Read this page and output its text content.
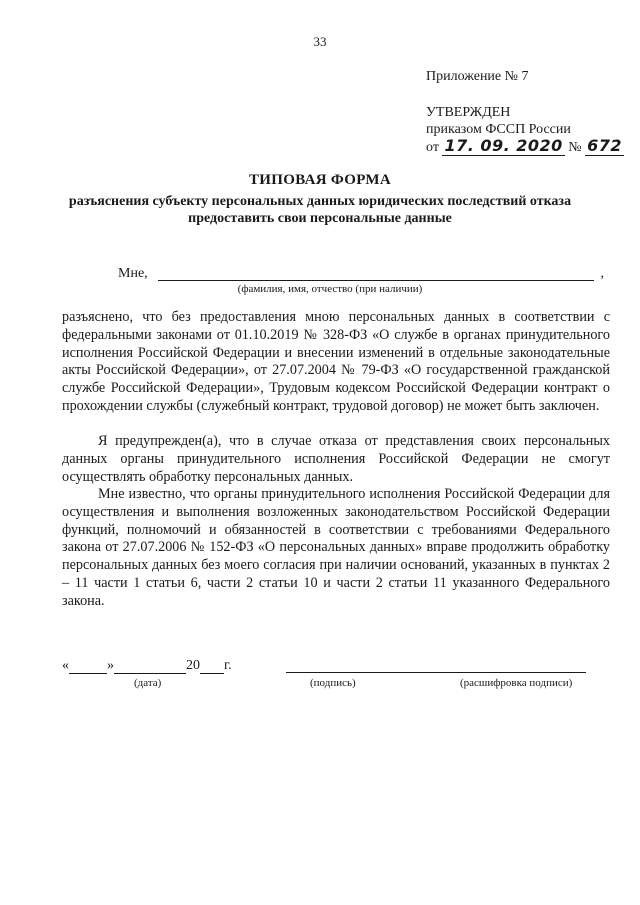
33
Приложение № 7
УТВЕРЖДЕН
приказом ФССП России
от 17. 09. 2020 № 672
ТИПОВАЯ ФОРМА
разъяснения субъекту персональных данных юридических последствий отказа предоставить свои персональные данные
Мне,	,
(фамилия, имя, отчество (при наличии)

разъяснено, что без предоставления мною персональных данных в соответствии с федеральными законами от 01.10.2019 № 328-ФЗ «О службе в органах принудительного исполнения Российской Федерации и внесении изменений в отдельные законодательные акты Российской Федерации», от 27.07.2004 № 79-ФЗ «О государственной гражданской службе Российской Федерации», Трудовым кодексом Российской Федерации контракт о прохождении службы (служебный контракт, трудовой договор) не может быть заключен.

Я предупрежден(а), что в случае отказа от представления своих персональных данных органы принудительного исполнения Российской Федерации не смогут осуществлять обработку персональных данных.

Мне известно, что органы принудительного исполнения Российской Федерации для осуществления и выполнения возложенных законодательством Российской Федерации функций, полномочий и обязанностей в соответствии с требованиями Федерального закона от 27.07.2006 № 152-ФЗ «О персональных данных» вправе продолжить обработку персональных данных без моего согласия при наличии оснований, указанных в пунктах 2 – 11 части 1 статьи 6, части 2 статьи 10 и части 2 статьи 11 указанного Федерального закона.

«	»	20 г.
(дата)	(подпись)	(расшифровка подписи)
